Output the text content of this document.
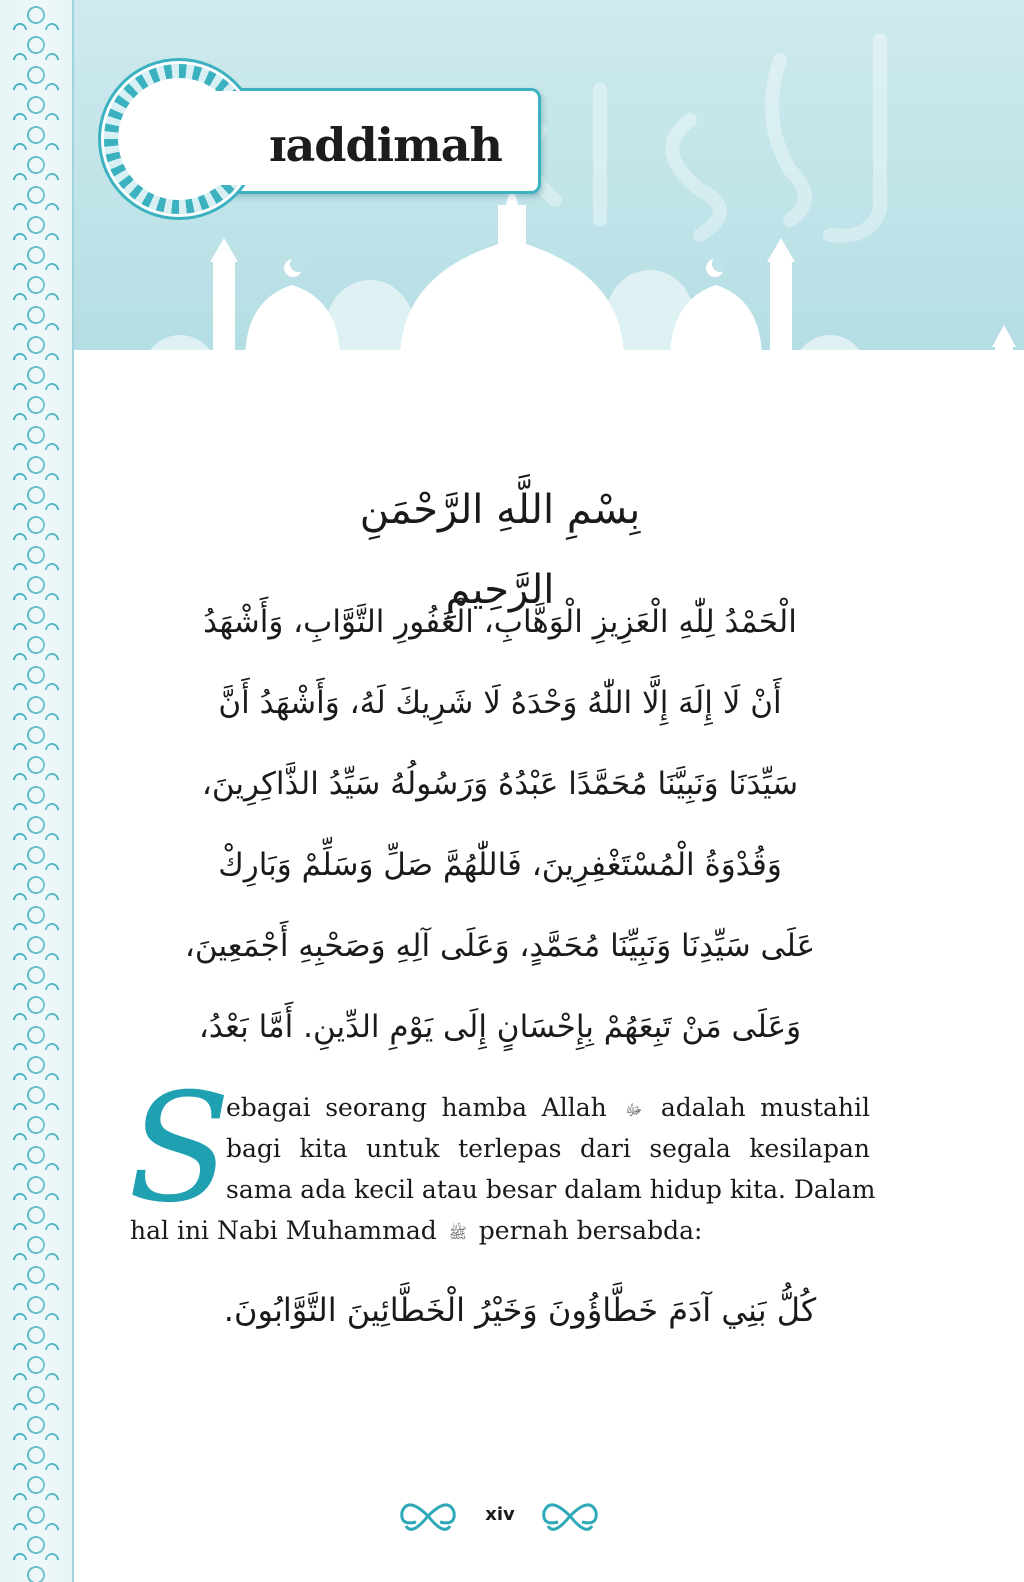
ɪaddimah
بِسْمِ اللَّهِ الرَّحْمَنِ الرَّحِيمِ
الْحَمْدُ لِلّٰهِ الْعَزِيزِ الْوَهَّابِ، الْغَفُورِ التَّوَّابِ، وَأَشْهَدُ
أَنْ لَا إِلَهَ إِلَّا اللّٰهُ وَحْدَهُ لَا شَرِيكَ لَهُ، وَأَشْهَدُ أَنَّ
سَيِّدَنَا وَنَبِيَّنَا مُحَمَّدًا عَبْدُهُ وَرَسُولُهُ سَيِّدُ الذَّاكِرِينَ،
وَقُدْوَةُ الْمُسْتَغْفِرِينَ، فَاللّٰهُمَّ صَلِّ وَسَلِّمْ وَبَارِكْ
عَلَى سَيِّدِنَا وَنَبِيِّنَا مُحَمَّدٍ، وَعَلَى آلِهِ وَصَحْبِهِ أَجْمَعِينَ،
وَعَلَى مَنْ تَبِعَهُمْ بِإِحْسَانٍ إِلَى يَوْمِ الدِّينِ. أَمَّا بَعْدُ،
S
ebagai seorang hamba Allah ﷻ adalah mustahil
bagi kita untuk terlepas dari segala kesilapan
sama ada kecil atau besar dalam hidup kita. Dalam
hal ini Nabi Muhammad ﷺ pernah bersabda:
كُلُّ بَنِي آدَمَ خَطَّاؤُونَ وَخَيْرُ الْخَطَّائِينَ التَّوَّابُونَ.
xiv
